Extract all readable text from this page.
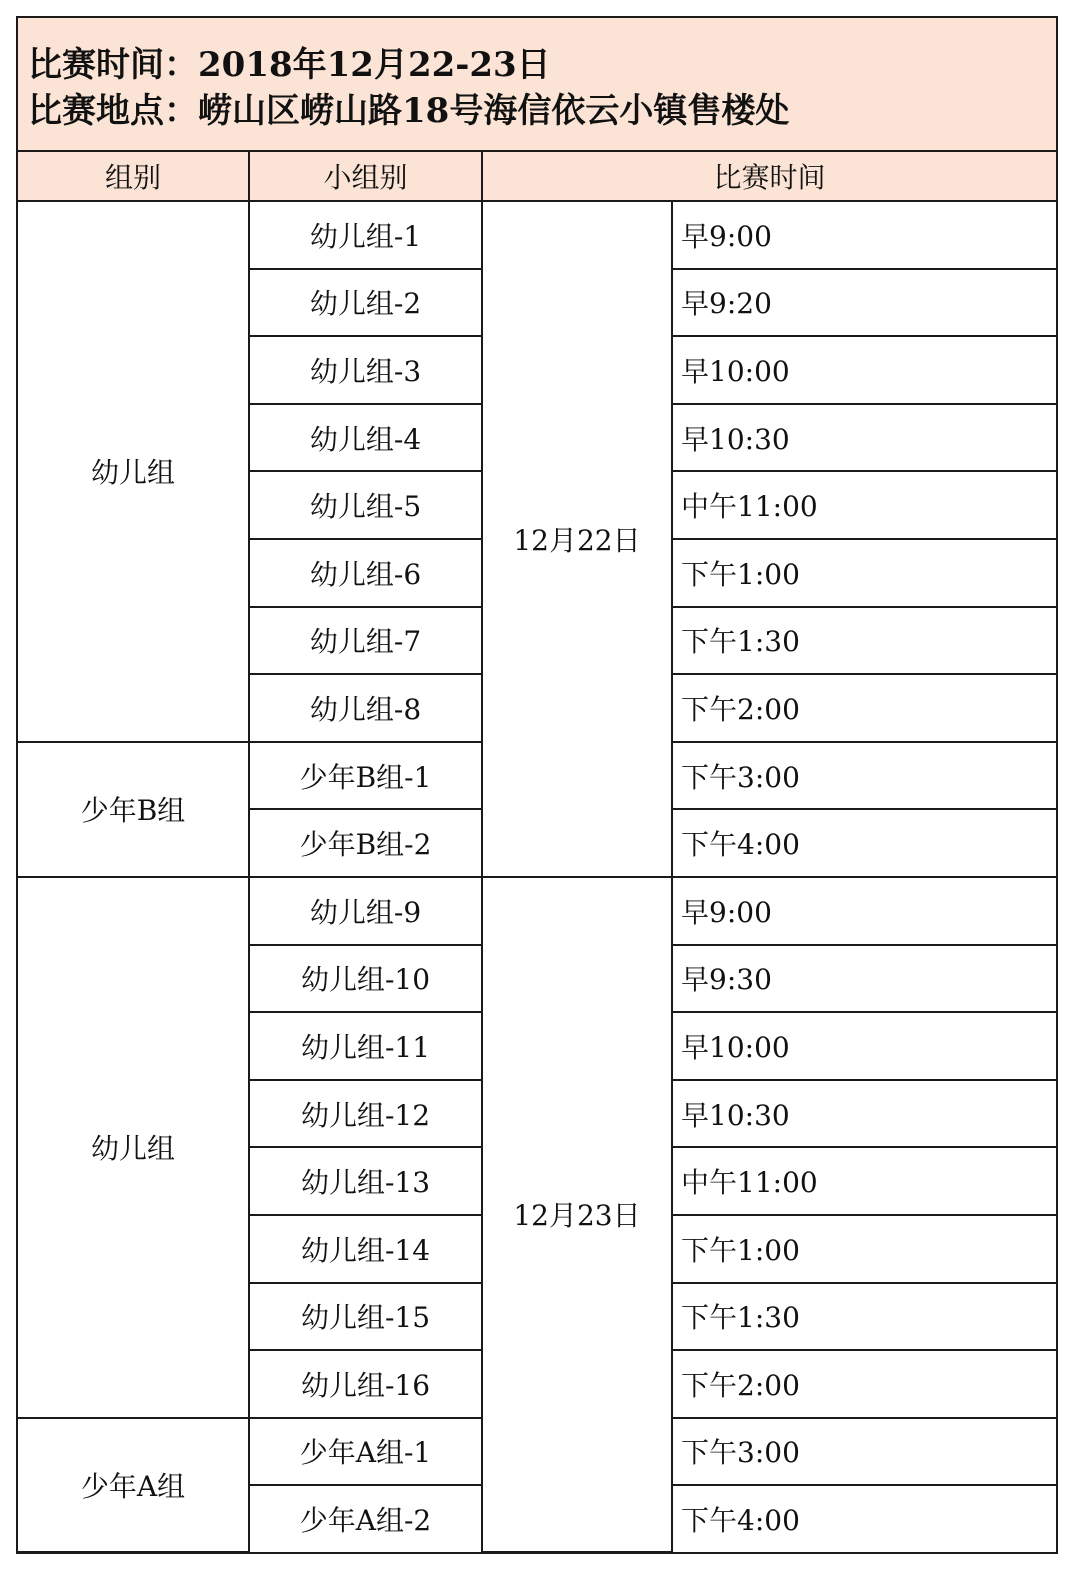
比赛时间：2018年12月22-23日
比赛地点：崂山区崂山路18号海信依云小镇售楼处
组别	小组别	比赛时间	
幼儿组	幼儿组-1	12月22日	早9:00
	幼儿组-2		早9:20
	幼儿组-3		早10:00
	幼儿组-4		早10:30
	幼儿组-5		中午11:00
	幼儿组-6		下午1:00
	幼儿组-7		下午1:30
	幼儿组-8		下午2:00
少年B组	少年B组-1		下午3:00
	少年B组-2		下午4:00
幼儿组	幼儿组-9	12月23日	早9:00
	幼儿组-10		早9:30
	幼儿组-11		早10:00
	幼儿组-12		早10:30
	幼儿组-13		中午11:00
	幼儿组-14		下午1:00
	幼儿组-15		下午1:30
	幼儿组-16		下午2:00
少年A组	少年A组-1		下午3:00
	少年A组-2		下午4:00
